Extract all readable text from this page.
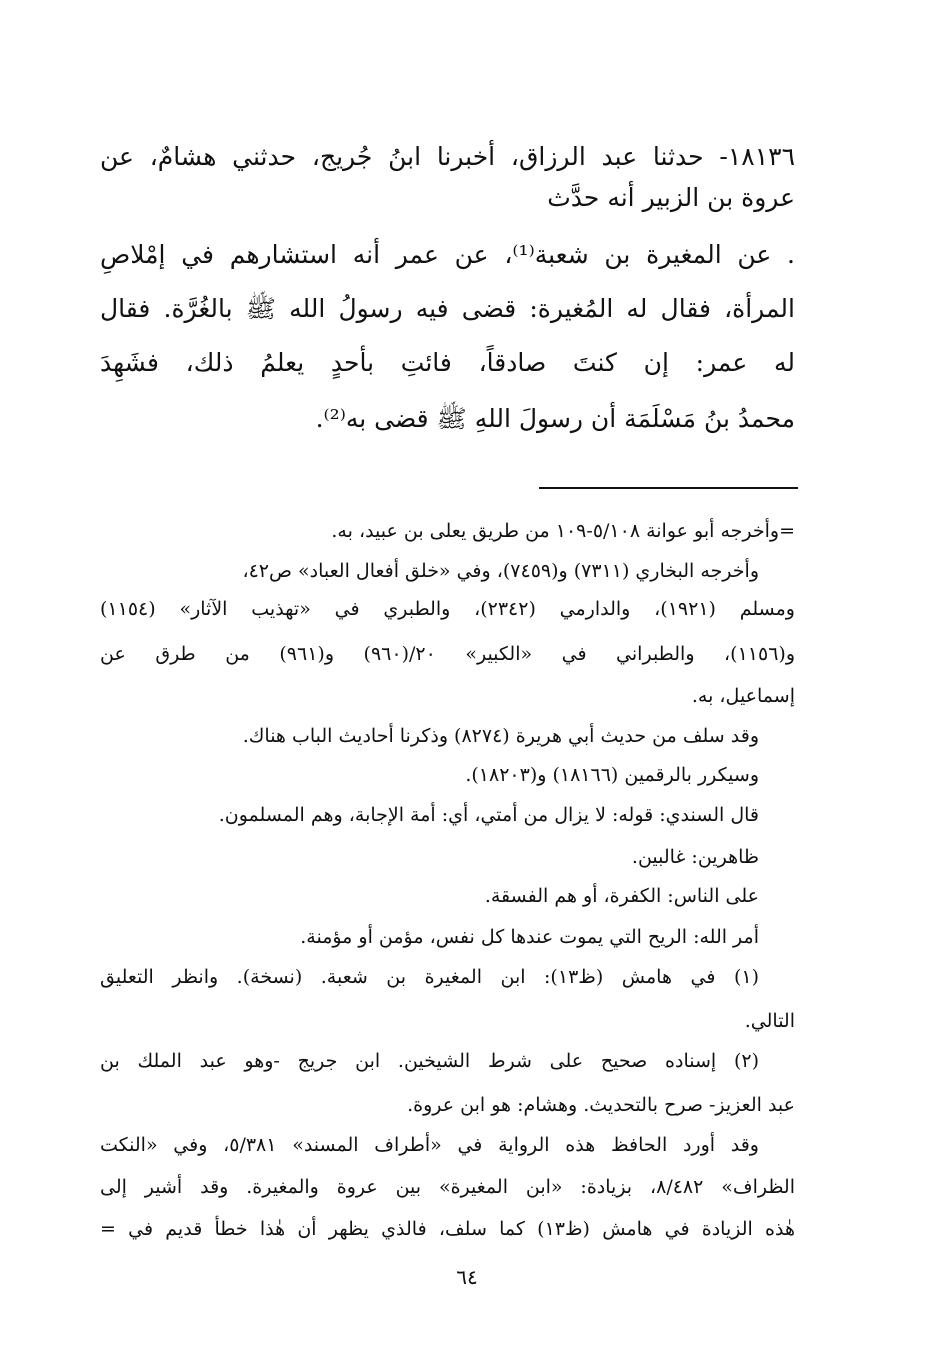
١٨١٣٦- حدثنا عبد الرزاق، أخبرنا ابنُ جُريج، حدثني هشامٌ، عن

عروة بن الزبير أنه حدَّث

. عن المغيرة بن شعبة⁽¹⁾، عن عمر أنه استشارهم في إمْلاصِ

المرأة، فقال له المُغيرة: قضى فيه رسولُ الله ﷺ بالغُرَّة. فقال

له عمر: إن كنتَ صادقاً، فائتِ بأحدٍ يعلمُ ذلك، فشَهِدَ

محمدُ بنُ مَسْلَمَة أن رسولَ اللهِ ﷺ قضى به⁽²⁾.

=وأخرجه أبو عوانة ٥/١٠٨-١٠٩ من طريق يعلى بن عبيد، به.

وأخرجه البخاري (٧٣١١) و(٧٤٥٩)، وفي «خلق أفعال العباد» ص٤٢،

ومسلم (١٩٢١)، والدارمي (٢٣٤٢)، والطبري في «تهذيب الآثار» (١١٥٤)

و(١١٥٦)، والطبراني في «الكبير» ٢٠/(٩٦٠) و(٩٦١) من طرق عن

إسماعيل، به.

وقد سلف من حديث أبي هريرة (٨٢٧٤) وذكرنا أحاديث الباب هناك.

وسيكرر بالرقمين (١٨١٦٦) و(١٨٢٠٣).

قال السندي: قوله: لا يزال من أمتي، أي: أمة الإجابة، وهم المسلمون.

ظاهرين: غالبين.

على الناس: الكفرة، أو هم الفسقة.

أمر الله: الريح التي يموت عندها كل نفس، مؤمن أو مؤمنة.

(١) في هامش (ظ١٣): ابن المغيرة بن شعبة. (نسخة). وانظر التعليق

التالي.

(٢) إسناده صحيح على شرط الشيخين. ابن جريج -وهو عبد الملك بن

عبد العزيز- صرح بالتحديث. وهشام: هو ابن عروة.

وقد أورد الحافظ هذه الرواية في «أطراف المسند» ٥/٣٨١، وفي «النكت

الظراف» ٨/٤٨٢، بزيادة: «ابن المغيرة» بين عروة والمغيرة. وقد أشير إلى

هٰذه الزيادة في هامش (ظ١٣) كما سلف، فالذي يظهر أن هٰذا خطأ قديم في =

٦٤
